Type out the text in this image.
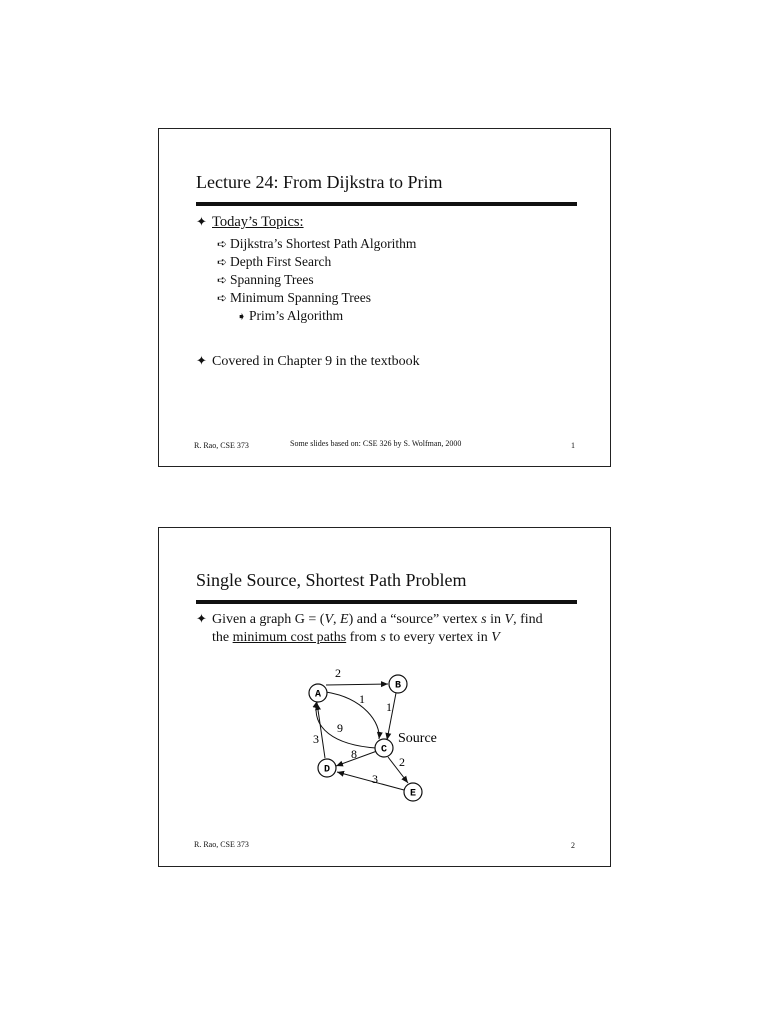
Lecture 24: From Dijkstra to Prim
✦ Today’s Topics:
➪ Dijkstra’s Shortest Path Algorithm
➪ Depth First Search
➪ Spanning Trees
➪ Minimum Spanning Trees
➧ Prim’s Algorithm
✦ Covered in Chapter 9 in the textbook
R. Rao, CSE 373	Some slides based on: CSE 326 by S. Wolfman, 2000	1
Single Source, Shortest Path Problem
✦ Given a graph G = (V, E) and a “source” vertex s in V, find
the minimum cost paths from s to every vertex in V
A
B
C
D
E
2
1
1
9
3
8
2
3
Source
R. Rao, CSE 373	2
